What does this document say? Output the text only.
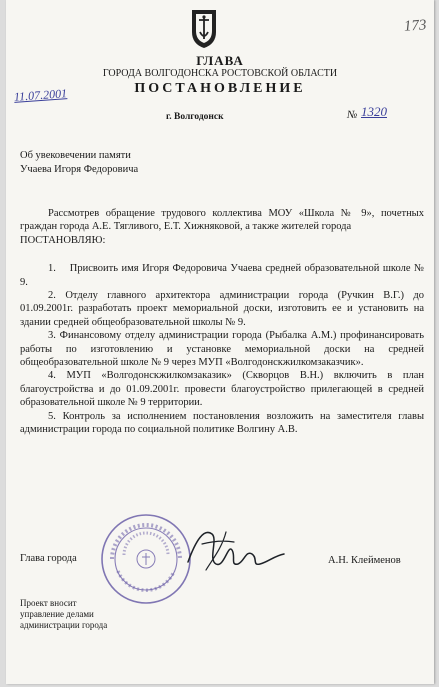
173
ГЛАВА
ГОРОДА ВОЛГОДОНСКА РОСТОВСКОЙ ОБЛАСТИ
ПОСТАНОВЛЕНИЕ
11.07.2001
г. Волгодонск	№ 1320
Об увековечении памяти
Учаева Игоря Федоровича

Рассмотрев обращение трудового коллектива МОУ «Школа № 9», почетных граждан города А.Е. Тягливого, Е.Т. Хижняковой, а также жителей города

ПОСТАНОВЛЯЮ:

1.    Присвоить имя Игоря Федоровича Учаева средней образовательной школе № 9.

2. Отделу главного архитектора администрации города (Ручкин В.Г.) до 01.09.2001г. разработать проект мемориальной доски, изготовить ее и установить на здании средней общеобразовательной школы № 9.

3. Финансовому отделу администрации города (Рыбалка А.М.) профинансировать работы по изготовлению и установке мемориальной доски на средней общеобразовательной школе № 9 через МУП «Волгодонскжилкомзаказчик».

4. МУП «Волгодонскжилкомзаказик» (Скворцов В.Н.) включить в план благоустройства и до 01.09.2001г. провести благоустройство прилегающей в средней образовательной школе № 9 территории.

5. Контроль за исполнением постановления возложить на заместителя главы администрации города по социальной политике Волгину А.В.

Глава города	А.Н. Клейменов
Проект вносит
управление делами
администрации города
